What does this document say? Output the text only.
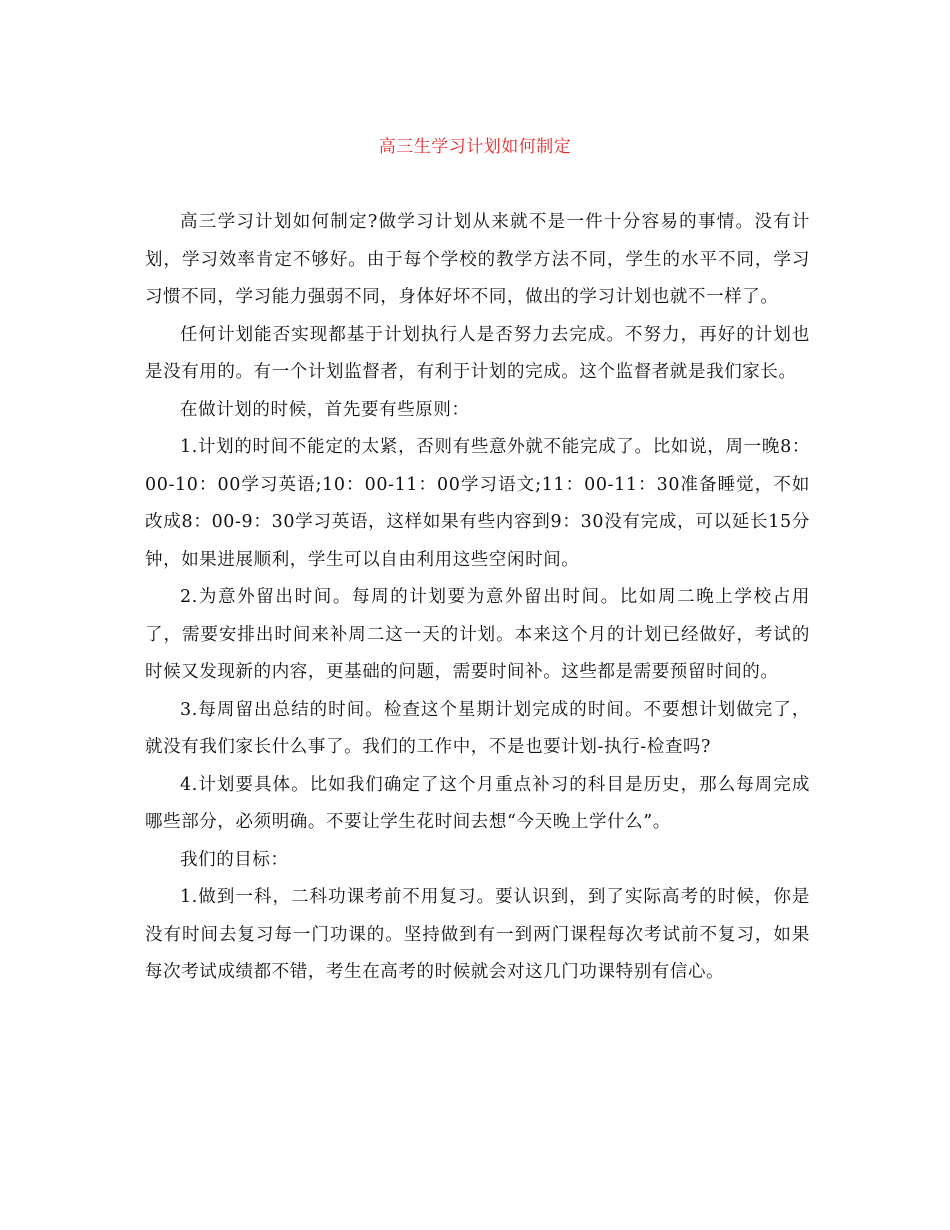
高三生学习计划如何制定

高三学习计划如何制定?做学习计划从来就不是一件十分容易的事情。没有计划，学习效率肯定不够好。由于每个学校的教学方法不同，学生的水平不同，学习习惯不同，学习能力强弱不同，身体好坏不同，做出的学习计划也就不一样了。

任何计划能否实现都基于计划执行人是否努力去完成。不努力，再好的计划也是没有用的。有一个计划监督者，有利于计划的完成。这个监督者就是我们家长。

在做计划的时候，首先要有些原则：

1.计划的时间不能定的太紧，否则有些意外就不能完成了。比如说，周一晚8：00-10：00学习英语;10：00-11：00学习语文;11：00-11：30准备睡觉，不如改成8：00-9：30学习英语，这样如果有些内容到9：30没有完成，可以延长15分钟，如果进展顺利，学生可以自由利用这些空闲时间。

2.为意外留出时间。每周的计划要为意外留出时间。比如周二晚上学校占用了，需要安排出时间来补周二这一天的计划。本来这个月的计划已经做好，考试的时候又发现新的内容，更基础的问题，需要时间补。这些都是需要预留时间的。

3.每周留出总结的时间。检查这个星期计划完成的时间。不要想计划做完了，就没有我们家长什么事了。我们的工作中，不是也要计划-执行-检查吗?

4.计划要具体。比如我们确定了这个月重点补习的科目是历史，那么每周完成哪些部分，必须明确。不要让学生花时间去想“今天晚上学什么”。

我们的目标：

1.做到一科，二科功课考前不用复习。要认识到，到了实际高考的时候，你是没有时间去复习每一门功课的。坚持做到有一到两门课程每次考试前不复习，如果每次考试成绩都不错，考生在高考的时候就会对这几门功课特别有信心。
